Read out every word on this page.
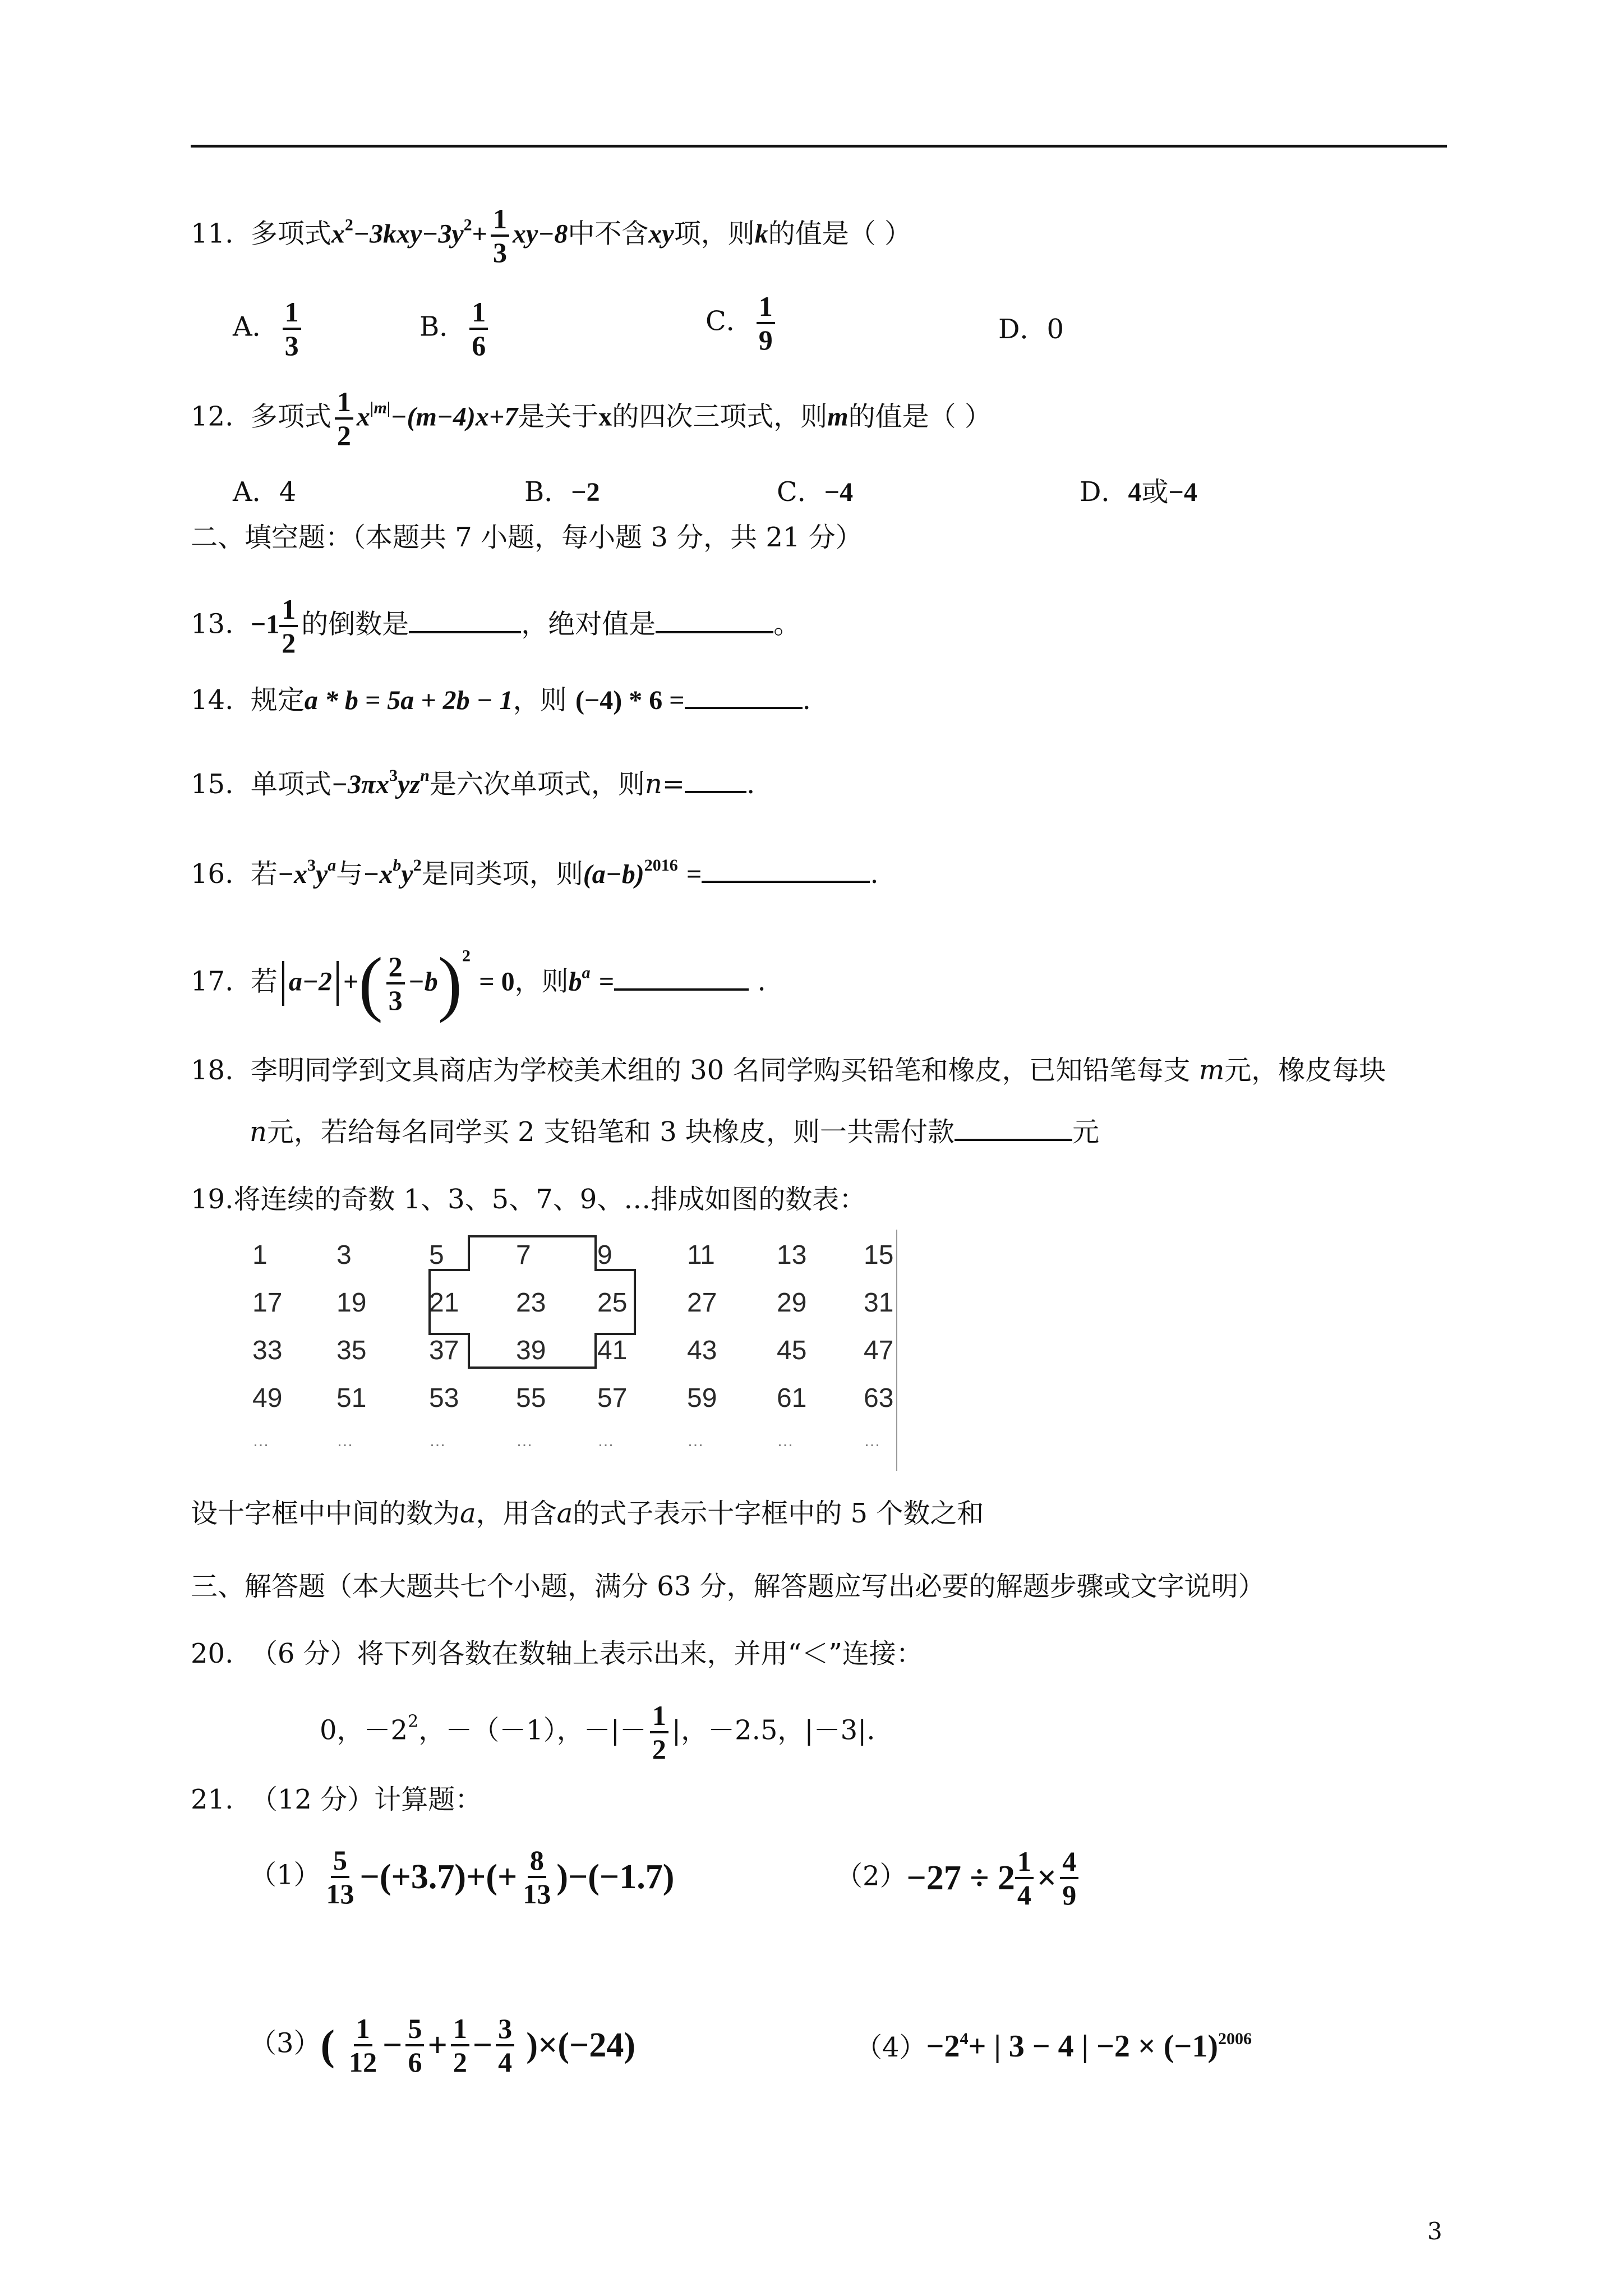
11. 多项式$x^2-3kxy-3y^2+ \frac{1}{3} xy-8$中不含xy项，则k的值是（ ）
A． $\frac{1}{3}$	B． $\frac{1}{6}$	C． $\frac{1}{9}$	D．0
12. 多项式 $\frac{1}{2} x^{|m|}-(m-4)x+7$是关于x的四次三项式，则m的值是（ ）
A．4	B．−2	C．−4	D．4或−4
二、填空题：（本题共 7 小题，每小题 3 分，共 21 分）
13. $-1 \frac{1}{2}$ 的倒数是	，绝对值是	。
14. 规定a * b = 5a + 2b − 1，则 (−4) * 6 =	.
15. 单项式$-3\pi x^3yz^n$是六次单项式，则n= .
16. 若$-x^3y^a$与$-x^by^2$是同类项，则$(a-b)^{2016}$ =	.
17. 若 a−2 +( $\frac{2}{3} -b)^2 = 0$，则$b^a$ =	.
18. 李明同学到文具商店为学校美术组的 30 名同学购买铅笔和橡皮，已知铅笔每支 m元，橡皮每块
n元，若给每名同学买 2 支铅笔和 3 块橡皮，则一共需付款	元
19.将连续的奇数 1、3、5、7、9、…排成如图的数表：
1	3	5	7 9	11 13 15
17 19 21 23 25 27 29 31
33 35 37 39 41 43 45 47
49 51 53 55 57 59 61 63
…	…	…	…	…	…	…	…
设十字框中中间的数为a，用含a的式子表示十字框中的 5 个数之和
三、解答题（本大题共七个小题，满分 63 分，解答题应写出必要的解题步骤或文字说明）
20. （6 分）将下列各数在数轴上表示出来，并用“＜”连接：
0，$-2^2$，－（－1），－|－ $\frac{1}{2}$ |，－2.5，|－3|.
21. （12 分）计算题：
$(1) \frac{5}{13} -(+3.7)+(+ \frac{8}{13} )-(-1.7)$	$(2)-27 \div 2 \frac{1}{4} \times \frac{4}{9}$
$(3)( \frac{1}{12} - \frac{5}{6} + \frac{1}{2} - \frac{3}{4} )\times(-24)$	$(4)-2^4+$ | 3 − 4 | $-2 \times (-1)^{2006}$
3
